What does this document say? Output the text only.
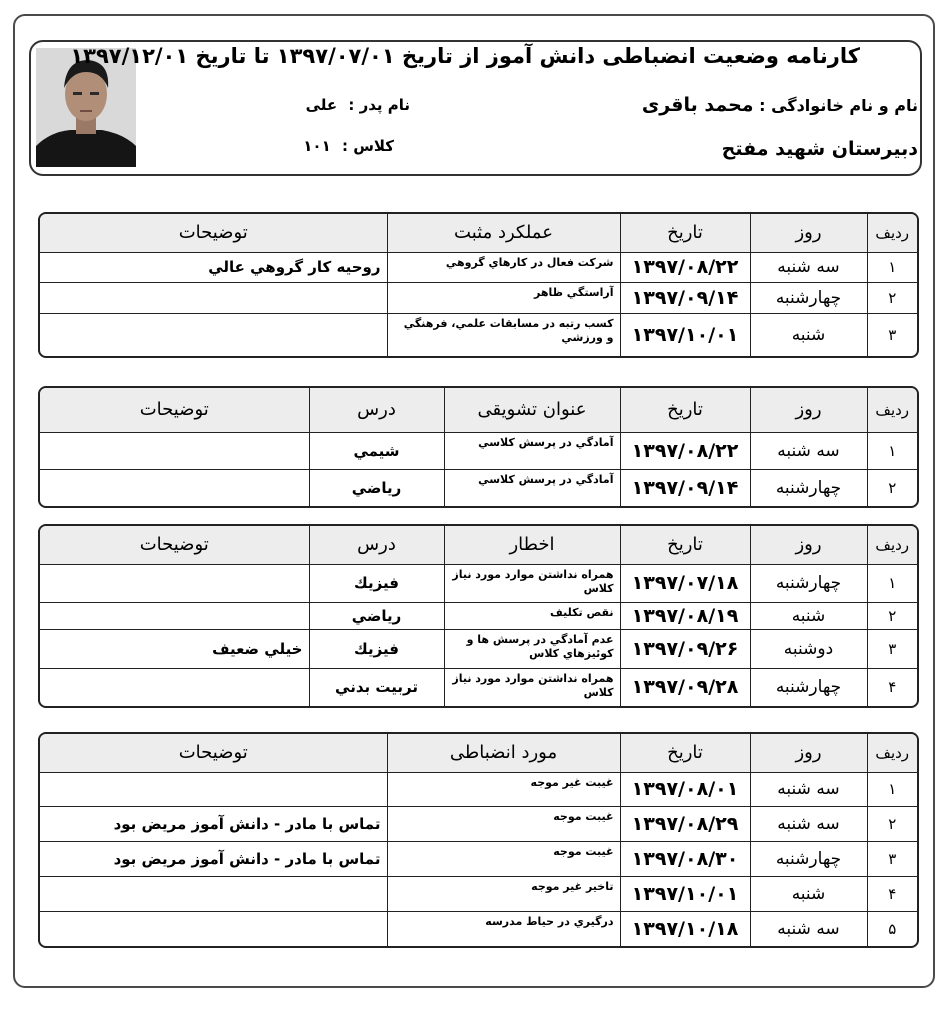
کارنامه وضعيت انضباطی دانش آموز از تاریخ ۱۳۹۷/۰۷/۰۱ تا تاریخ ۱۳۹۷/۱۲/۰۱
نام و نام خانوادگی : محمد باقری
نام پدر : علی
کلاس : ۱۰۱	دبیرستان شهید مفتح
ردیف	روز	تاریخ	عملکرد مثبت	توضیحات
۱	سه شنبه	۱۳۹۷/۰۸/۲۲	شرکت فعال در کارهاي گروهي	روحيه کار گروهي عالي
۲	چهارشنبه	۱۳۹۷/۰۹/۱۴	آراستگي ظاهر	
۳	شنبه	۱۳۹۷/۱۰/۰۱	کسب رتبه در مسابقات علمي، فرهنگي و ورزشي	
ردیف	روز	تاریخ	عنوان تشویقی	درس	توضیحات
۱	سه شنبه	۱۳۹۷/۰۸/۲۲	آمادگي در پرسش کلاسي	شيمي	
۲	چهارشنبه	۱۳۹۷/۰۹/۱۴	آمادگي در پرسش کلاسي	رياضي	
ردیف	روز	تاریخ	اخطار	درس	توضیحات
۱	چهارشنبه	۱۳۹۷/۰۷/۱۸	همراه نداشتن موارد مورد نياز کلاس	فيزيك	
۲	شنبه	۱۳۹۷/۰۸/۱۹	نقص تکليف	رياضي	
۳	دوشنبه	۱۳۹۷/۰۹/۲۶	عدم آمادگي در پرسش ها و کوئيزهاي کلاس	فيزيك	خيلي ضعيف
۴	چهارشنبه	۱۳۹۷/۰۹/۲۸	همراه نداشتن موارد مورد نياز کلاس	تربيت بدني	
ردیف	روز	تاریخ	مورد انضباطی	توضیحات
۱	سه شنبه	۱۳۹۷/۰۸/۰۱	غيبت غير موجه	
۲	سه شنبه	۱۳۹۷/۰۸/۲۹	غيبت موجه	تماس با مادر - دانش آموز مريض بود
۳	چهارشنبه	۱۳۹۷/۰۸/۳۰	غيبت موجه	تماس با مادر - دانش آموز مريض بود
۴	شنبه	۱۳۹۷/۱۰/۰۱	تاخير غير موجه	
۵	سه شنبه	۱۳۹۷/۱۰/۱۸	درگيري در حياط مدرسه	
